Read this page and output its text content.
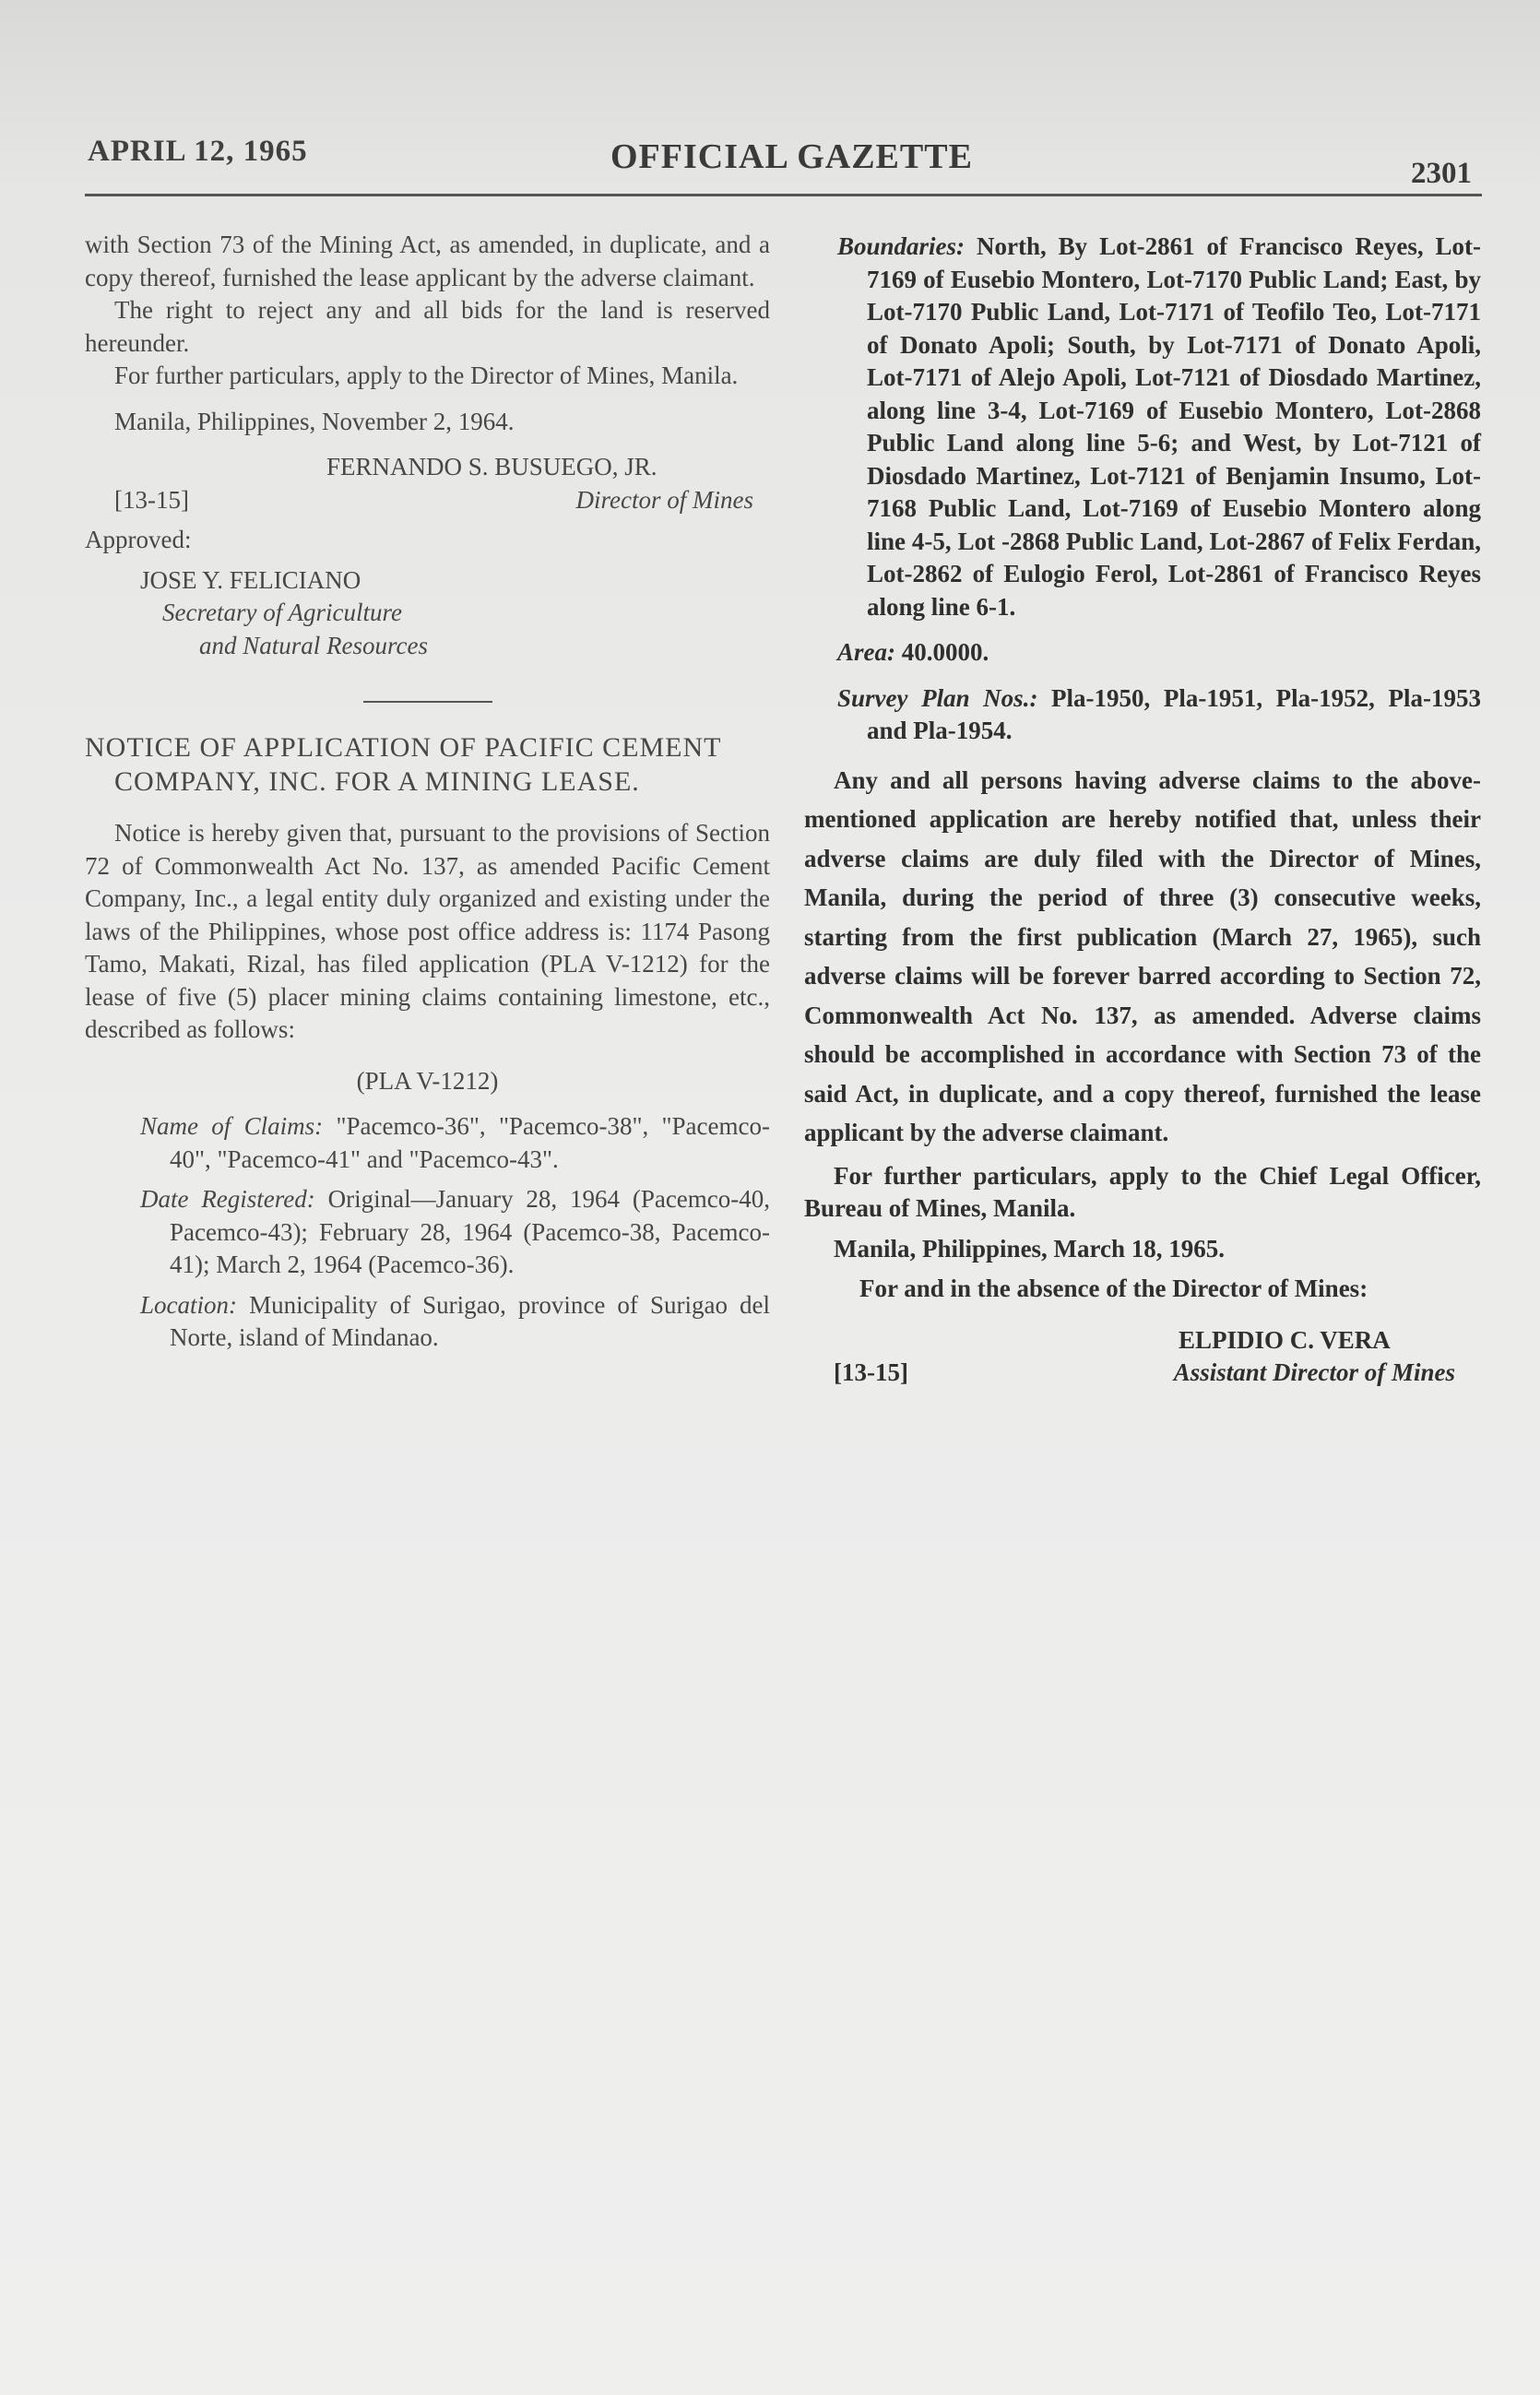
APRIL 12, 1965	OFFICIAL GAZETTE	2301

with Section 73 of the Mining Act, as amended, in duplicate, and a copy thereof, furnished the lease applicant by the adverse claimant.

The right to reject any and all bids for the land is reserved hereunder.

For further particulars, apply to the Director of Mines, Manila.

Manila, Philippines, November 2, 1964.

FERNANDO S. BUSUEGO, JR.
[13-15]	Director of Mines

Approved:

JOSE Y. FELICIANO
Secretary of Agriculture
and Natural Resources

NOTICE OF APPLICATION OF PACIFIC CEMENT COMPANY, INC. FOR A MINING LEASE.

Notice is hereby given that, pursuant to the provisions of Section 72 of Commonwealth Act No. 137, as amended Pacific Cement Company, Inc., a legal entity duly organized and existing under the laws of the Philippines, whose post office address is: 1174 Pasong Tamo, Makati, Rizal, has filed application (PLA V-1212) for the lease of five (5) placer mining claims containing limestone, etc., described as follows:

(PLA V-1212)

Name of Claims: "Pacemco-36", "Pacemco-38", "Pacemco-40", "Pacemco-41" and "Pacemco-43".

Date Registered: Original—January 28, 1964 (Pacemco-40, Pacemco-43); February 28, 1964 (Pacemco-38, Pacemco-41); March 2, 1964 (Pacemco-36).

Location: Municipality of Surigao, province of Surigao del Norte, island of Mindanao.

Boundaries: North, By Lot-2861 of Francisco Reyes, Lot-7169 of Eusebio Montero, Lot-7170 Public Land; East, by Lot-7170 Public Land, Lot-7171 of Teofilo Teo, Lot-7171 of Donato Apoli; South, by Lot-7171 of Donato Apoli, Lot-7171 of Alejo Apoli, Lot-7121 of Diosdado Martinez, along line 3-4, Lot-7169 of Eusebio Montero, Lot-2868 Public Land along line 5-6; and West, by Lot-7121 of Diosdado Martinez, Lot-7121 of Benjamin Insumo, Lot-7168 Public Land, Lot-7169 of Eusebio Montero along line 4-5, Lot -2868 Public Land, Lot-2867 of Felix Ferdan, Lot-2862 of Eulogio Ferol, Lot-2861 of Francisco Reyes along line 6-1.

Area: 40.0000.

Survey Plan Nos.: Pla-1950, Pla-1951, Pla-1952, Pla-1953 and Pla-1954.

Any and all persons having adverse claims to the above-mentioned application are hereby notified that, unless their adverse claims are duly filed with the Director of Mines, Manila, during the period of three (3) consecutive weeks, starting from the first publication (March 27, 1965), such adverse claims will be forever barred according to Section 72, Commonwealth Act No. 137, as amended. Adverse claims should be accomplished in accordance with Section 73 of the said Act, in duplicate, and a copy thereof, furnished the lease applicant by the adverse claimant.

For further particulars, apply to the Chief Legal Officer, Bureau of Mines, Manila.

Manila, Philippines, March 18, 1965.

For and in the absence of the Director of Mines:

ELPIDIO C. VERA
[13-15]	Assistant Director of Mines
